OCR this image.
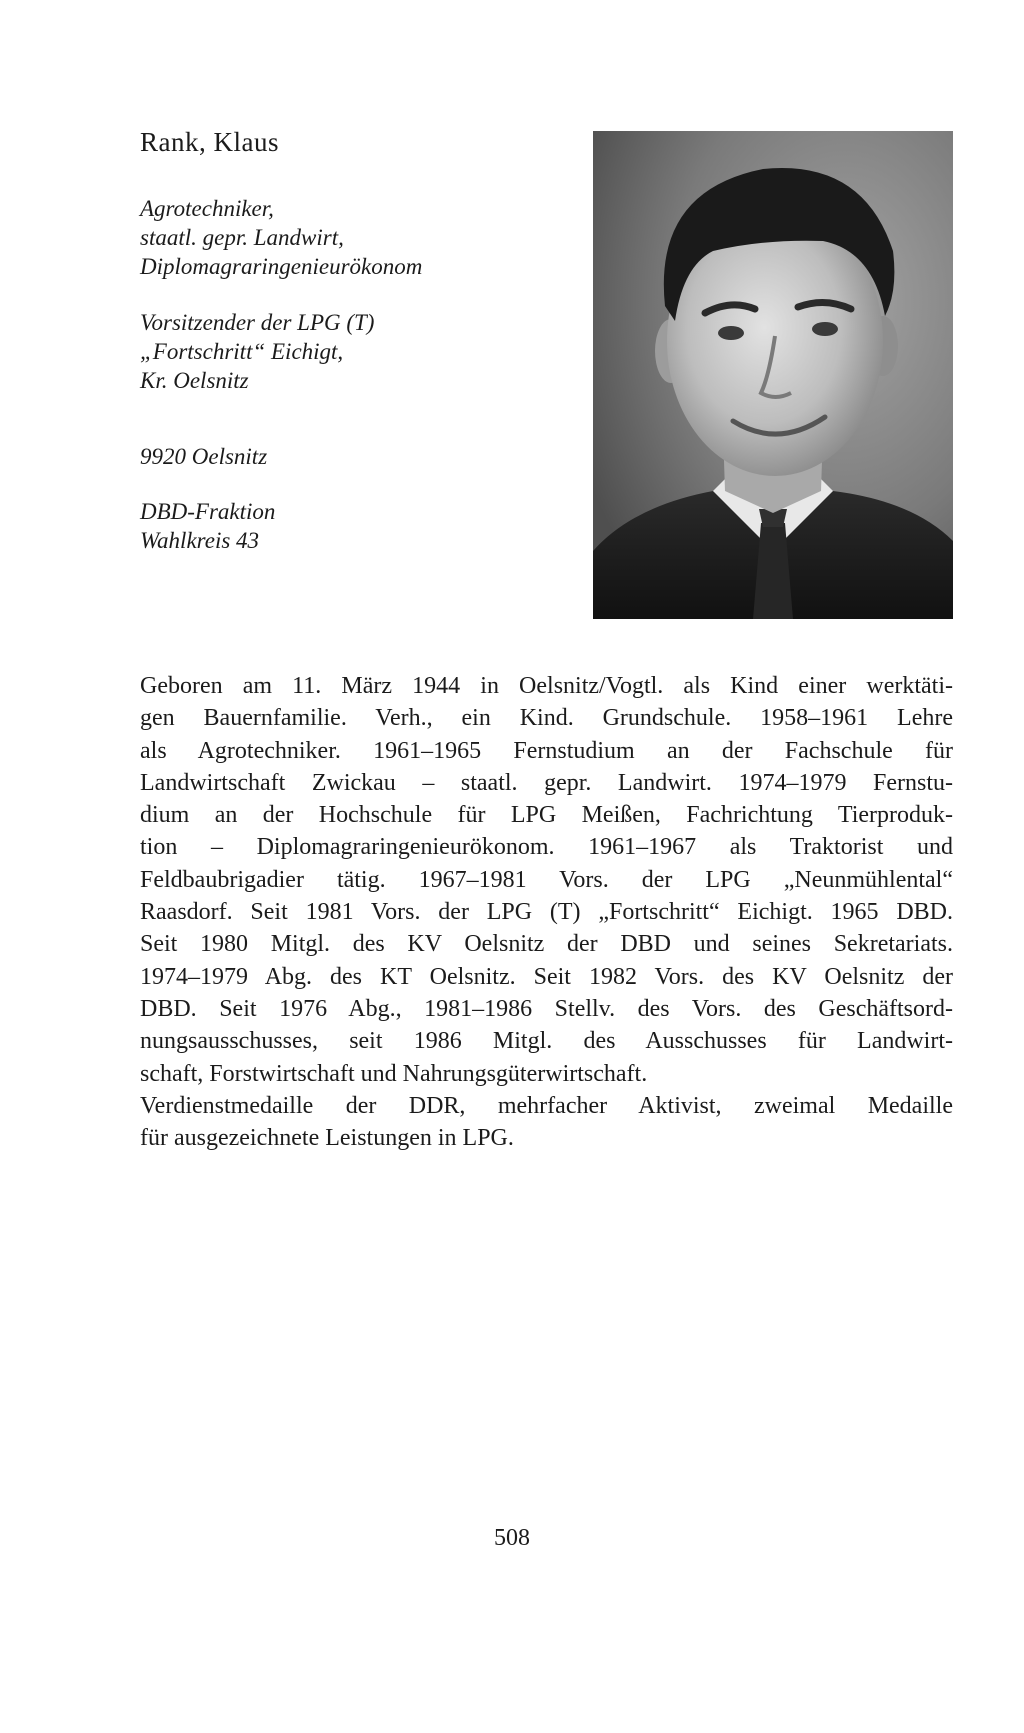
Rank, Klaus
Agrotechniker,
staatl. gepr. Landwirt,
Diplomagraringenieurökonom
Vorsitzender der LPG (T)
„Fortschritt“ Eichigt,
Kr. Oelsnitz
9920 Oelsnitz
DBD-Fraktion
Wahlkreis 43
Geboren am 11. März 1944 in Oelsnitz/Vogtl. als Kind einer werktäti-
gen Bauernfamilie. Verh., ein Kind. Grundschule. 1958–1961 Lehre
als Agrotechniker. 1961–1965 Fernstudium an der Fachschule für
Landwirtschaft Zwickau – staatl. gepr. Landwirt. 1974–1979 Fernstu-
dium an der Hochschule für LPG Meißen, Fachrichtung Tierproduk-
tion – Diplomagraringenieurökonom. 1961–1967 als Traktorist und
Feldbaubrigadier tätig. 1967–1981 Vors. der LPG „Neunmühlental“
Raasdorf. Seit 1981 Vors. der LPG (T) „Fortschritt“ Eichigt. 1965 DBD.
Seit 1980 Mitgl. des KV Oelsnitz der DBD und seines Sekretariats.
1974–1979 Abg. des KT Oelsnitz. Seit 1982 Vors. des KV Oelsnitz der
DBD. Seit 1976 Abg., 1981–1986 Stellv. des Vors. des Geschäftsord-
nungsausschusses, seit 1986 Mitgl. des Ausschusses für Landwirt-
schaft, Forstwirtschaft und Nahrungsgüterwirtschaft.
Verdienstmedaille der DDR, mehrfacher Aktivist, zweimal Medaille
für ausgezeichnete Leistungen in LPG.
508
